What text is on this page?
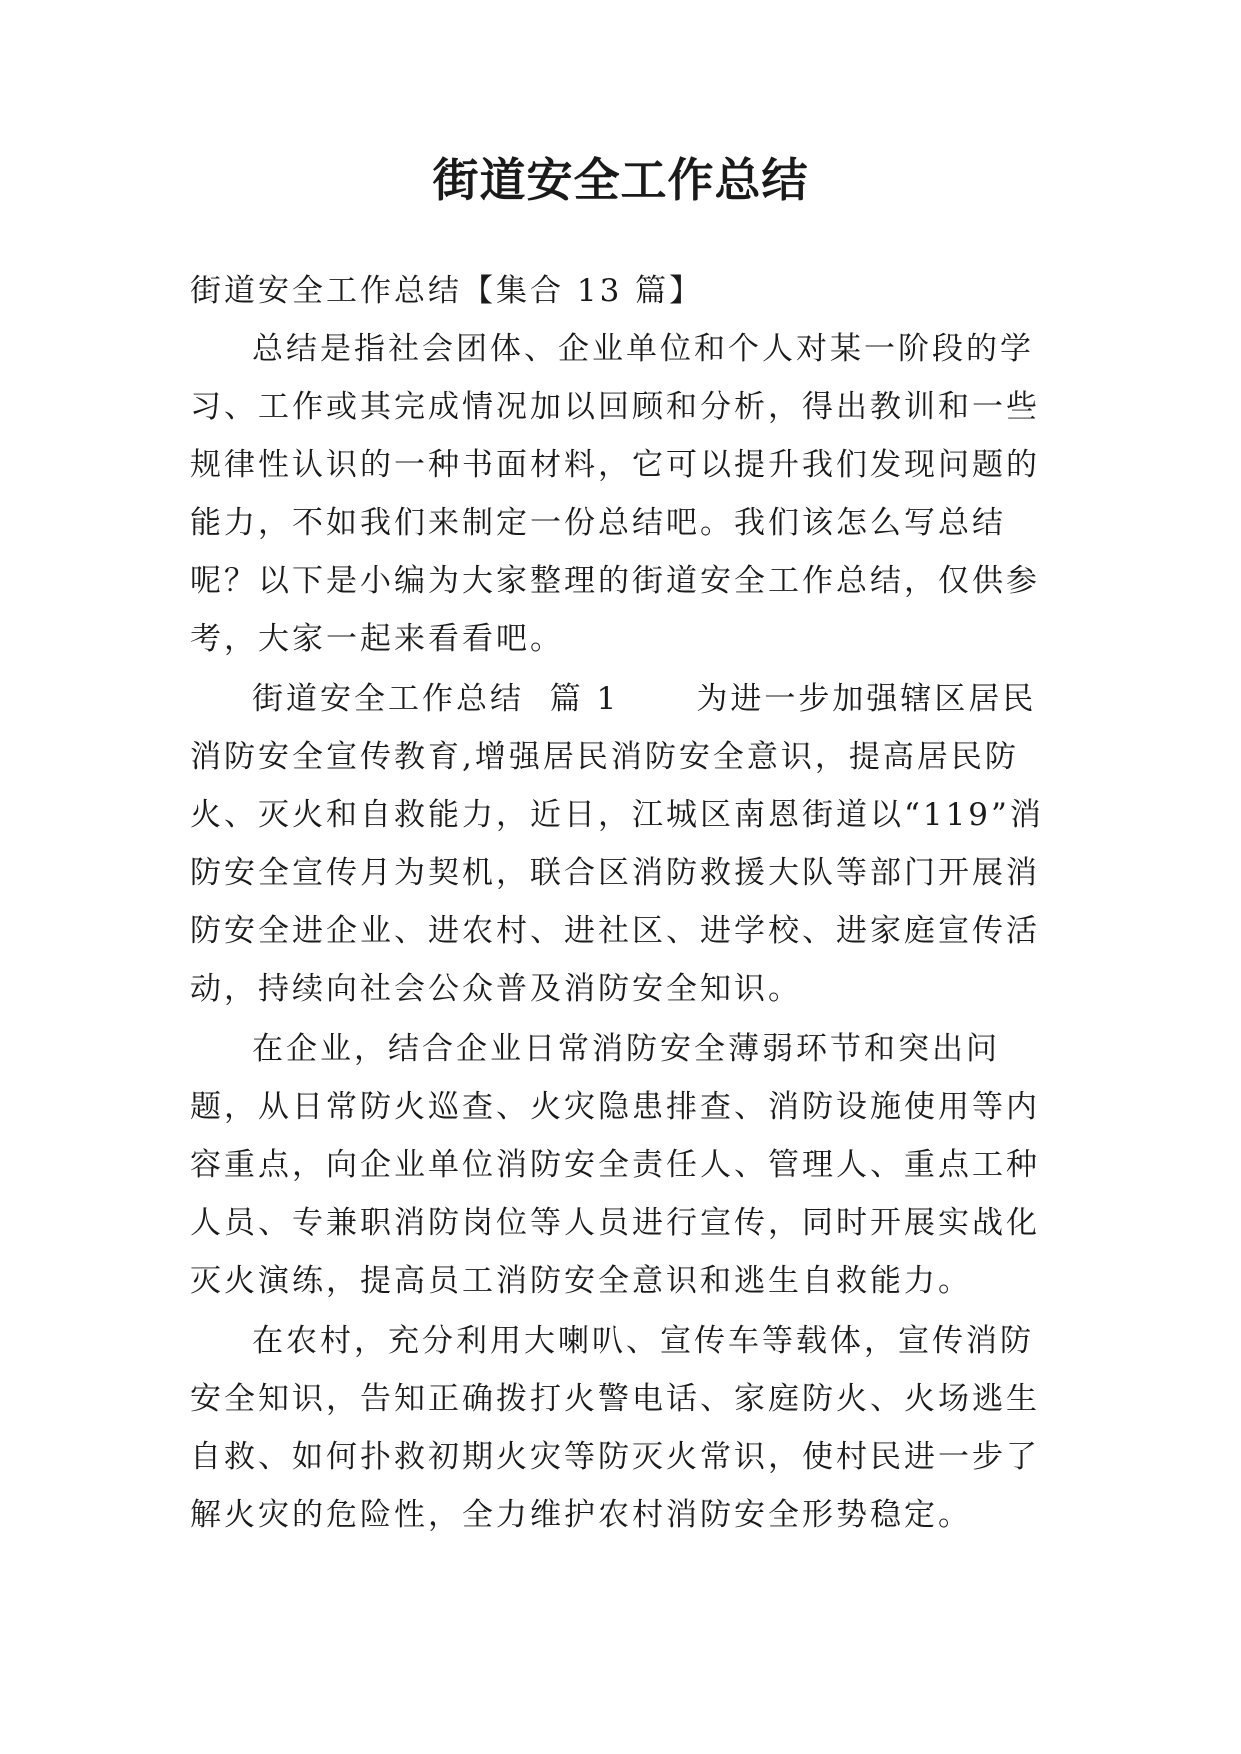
街道安全工作总结

街道安全工作总结【集合 13 篇】

总结是指社会团体、企业单位和个人对某一阶段的学习、工作或其完成情况加以回顾和分析，得出教训和一些规律性认识的一种书面材料，它可以提升我们发现问题的能力，不如我们来制定一份总结吧。我们该怎么写总结呢？以下是小编为大家整理的街道安全工作总结，仅供参考，大家一起来看看吧。

街道安全工作总结  篇 1      为进一步加强辖区居民消防安全宣传教育,增强居民消防安全意识，提高居民防火、灭火和自救能力，近日，江城区南恩街道以“119”消防安全宣传月为契机，联合区消防救援大队等部门开展消防安全进企业、进农村、进社区、进学校、进家庭宣传活动，持续向社会公众普及消防安全知识。

在企业，结合企业日常消防安全薄弱环节和突出问题，从日常防火巡查、火灾隐患排查、消防设施使用等内容重点，向企业单位消防安全责任人、管理人、重点工种人员、专兼职消防岗位等人员进行宣传，同时开展实战化灭火演练，提高员工消防安全意识和逃生自救能力。

在农村，充分利用大喇叭、宣传车等载体，宣传消防安全知识，告知正确拨打火警电话、家庭防火、火场逃生自救、如何扑救初期火灾等防灭火常识，使村民进一步了解火灾的危险性，全力维护农村消防安全形势稳定。
